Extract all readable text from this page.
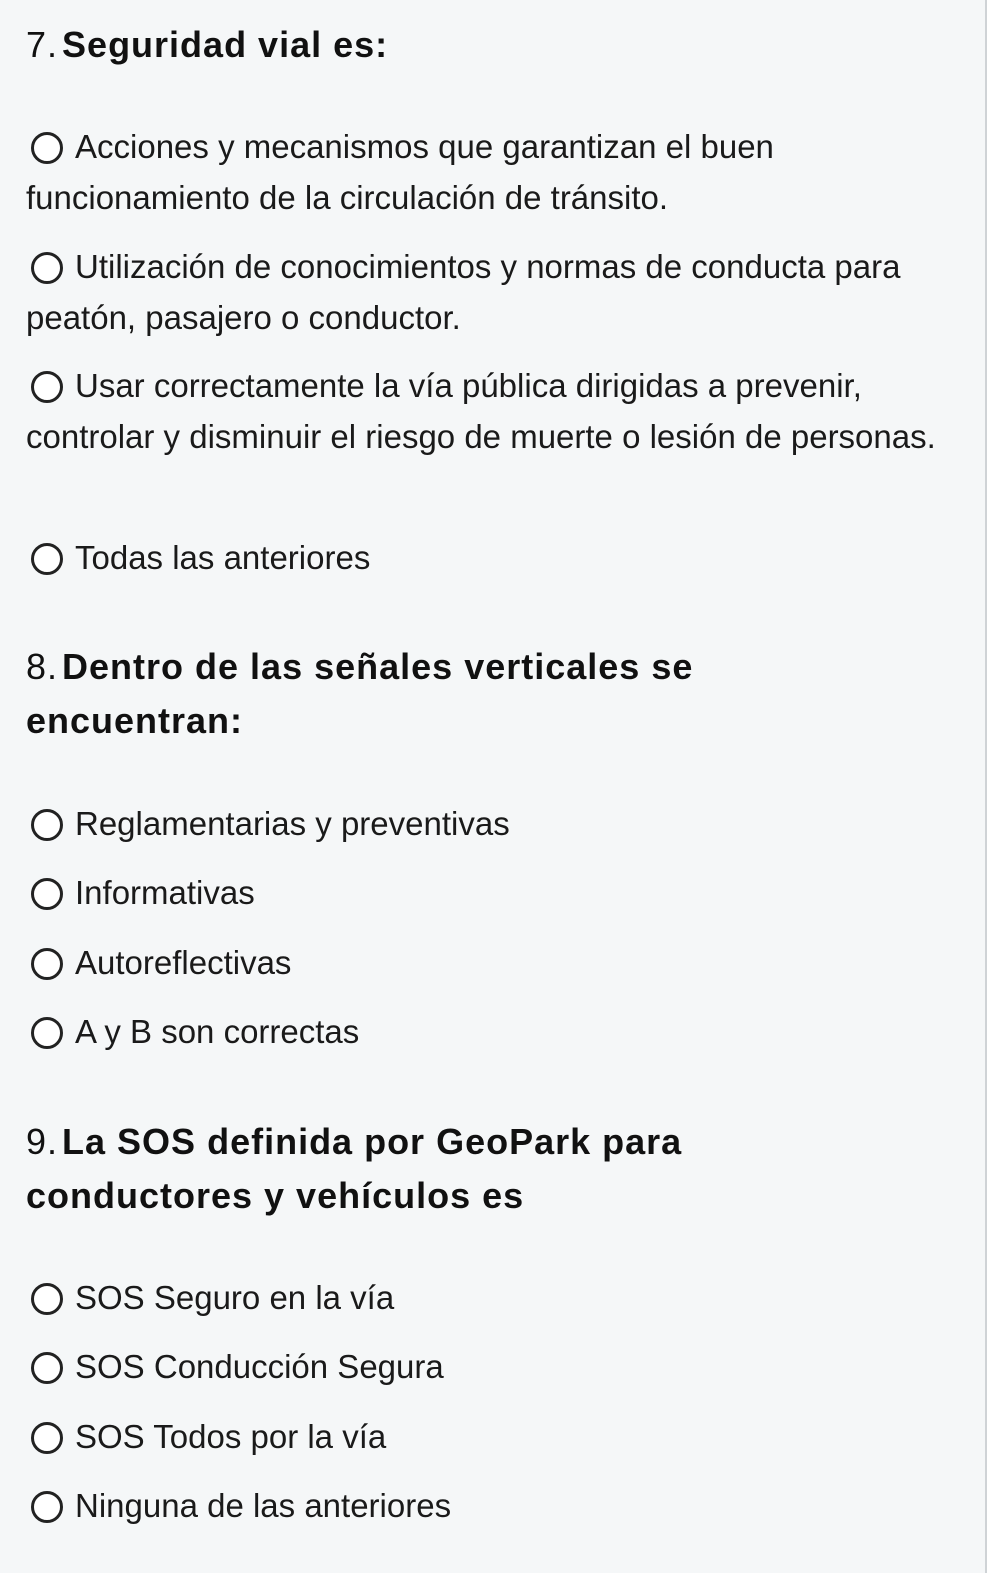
7. Seguridad vial es:

Acciones y mecanismos que garantizan el buen funcionamiento de la circulación de tránsito.
Utilización de conocimientos y normas de conducta para peatón, pasajero o conductor.
Usar correctamente la vía pública dirigidas a prevenir, controlar y disminuir el riesgo de muerte o lesión de personas.
Todas las anteriores

8. Dentro de las señales verticales se encuentran:

Reglamentarias y preventivas
Informativas
Autoreflectivas
A y B son correctas

9. La SOS definida por GeoPark para conductores y vehículos es

SOS Seguro en la vía
SOS Conducción Segura
SOS Todos por la vía
Ninguna de las anteriores
